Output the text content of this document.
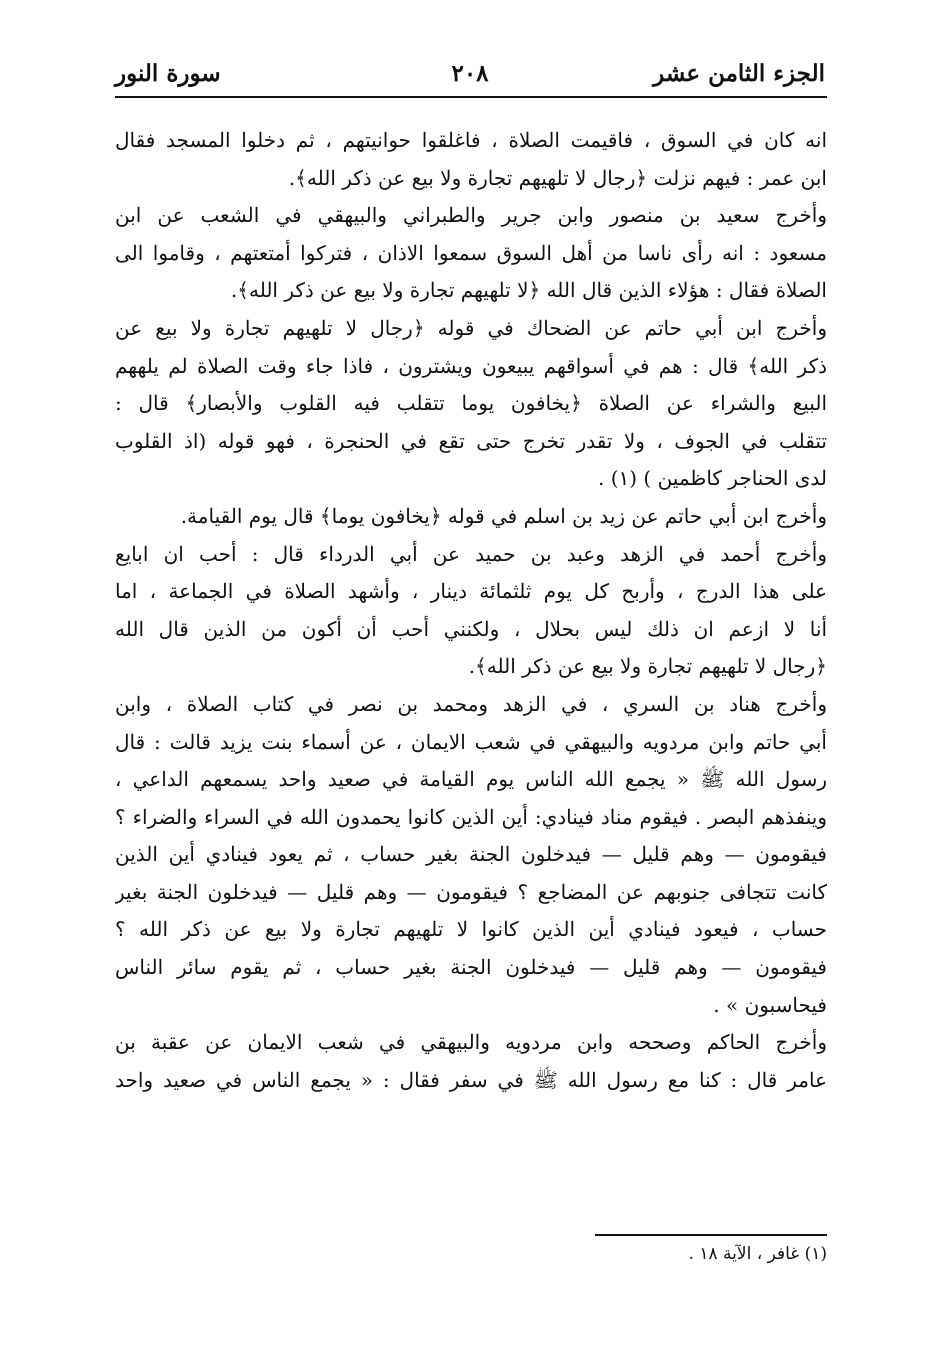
الجزء الثامن عشر
٢٠٨
سورة النور
انه كان في السوق ، فاقيمت الصلاة ، فاغلقوا حوانيتهم ، ثم دخلوا المسجد فقال
ابن عمر : فيهم نزلت ﴿رجال لا تلهيهم تجارة ولا بيع عن ذكر الله﴾.
وأخرج سعيد بن منصور وابن جرير والطبراني والبيهقي في الشعب عن ابن
مسعود : انه رأى ناسا من أهل السوق سمعوا الاذان ، فتركوا أمتعتهم ، وقاموا الى
الصلاة فقال : هؤلاء الذين قال الله ﴿لا تلهيهم تجارة ولا بيع عن ذكر الله﴾.
وأخرج ابن أبي حاتم عن الضحاك في قوله ﴿رجال لا تلهيهم تجارة ولا بيع عن
ذكر الله﴾ قال : هم في أسواقهم يبيعون ويشترون ، فاذا جاء وقت الصلاة لم يلههم
البيع والشراء عن الصلاة ﴿يخافون يوما تتقلب فيه القلوب والأبصار﴾ قال :
تتقلب في الجوف ، ولا تقدر تخرج حتى تقع في الحنجرة ، فهو قوله (اذ القلوب
لدى الحناجر كاظمين ) (١) .
وأخرج ابن أبي حاتم عن زيد بن اسلم في قوله ﴿يخافون يوما﴾ قال يوم القيامة.
وأخرج أحمد في الزهد وعبد بن حميد عن أبي الدرداء قال : أحب ان ابايع
على هذا الدرج ، وأربح كل يوم ثلثمائة دينار ، وأشهد الصلاة في الجماعة ، اما
أنا لا ازعم ان ذلك ليس بحلال ، ولكنني أحب أن أكون من الذين قال الله
﴿رجال لا تلهيهم تجارة ولا بيع عن ذكر الله﴾.
وأخرج هناد بن السري ، في الزهد ومحمد بن نصر في كتاب الصلاة ، وابن
أبي حاتم وابن مردويه والبيهقي في شعب الايمان ، عن أسماء بنت يزيد قالت : قال
رسول الله ﷺ « يجمع الله الناس يوم القيامة في صعيد واحد يسمعهم الداعي ،
وينفذهم البصر . فيقوم مناد فينادي: أين الذين كانوا يحمدون الله في السراء والضراء ؟
فيقومون — وهم قليل — فيدخلون الجنة بغير حساب ، ثم يعود فينادي أين الذين
كانت تتجافى جنوبهم عن المضاجع ؟ فيقومون — وهم قليل — فيدخلون الجنة بغير
حساب ، فيعود فينادي أين الذين كانوا لا تلهيهم تجارة ولا بيع عن ذكر الله ؟
فيقومون — وهم قليل — فيدخلون الجنة بغير حساب ، ثم يقوم سائر الناس
فيحاسبون » .
وأخرج الحاكم وصححه وابن مردويه والبيهقي في شعب الايمان عن عقبة بن
عامر قال : كنا مع رسول الله ﷺ في سفر فقال : « يجمع الناس في صعيد واحد
(١) غافر ، الآية ١٨ .
